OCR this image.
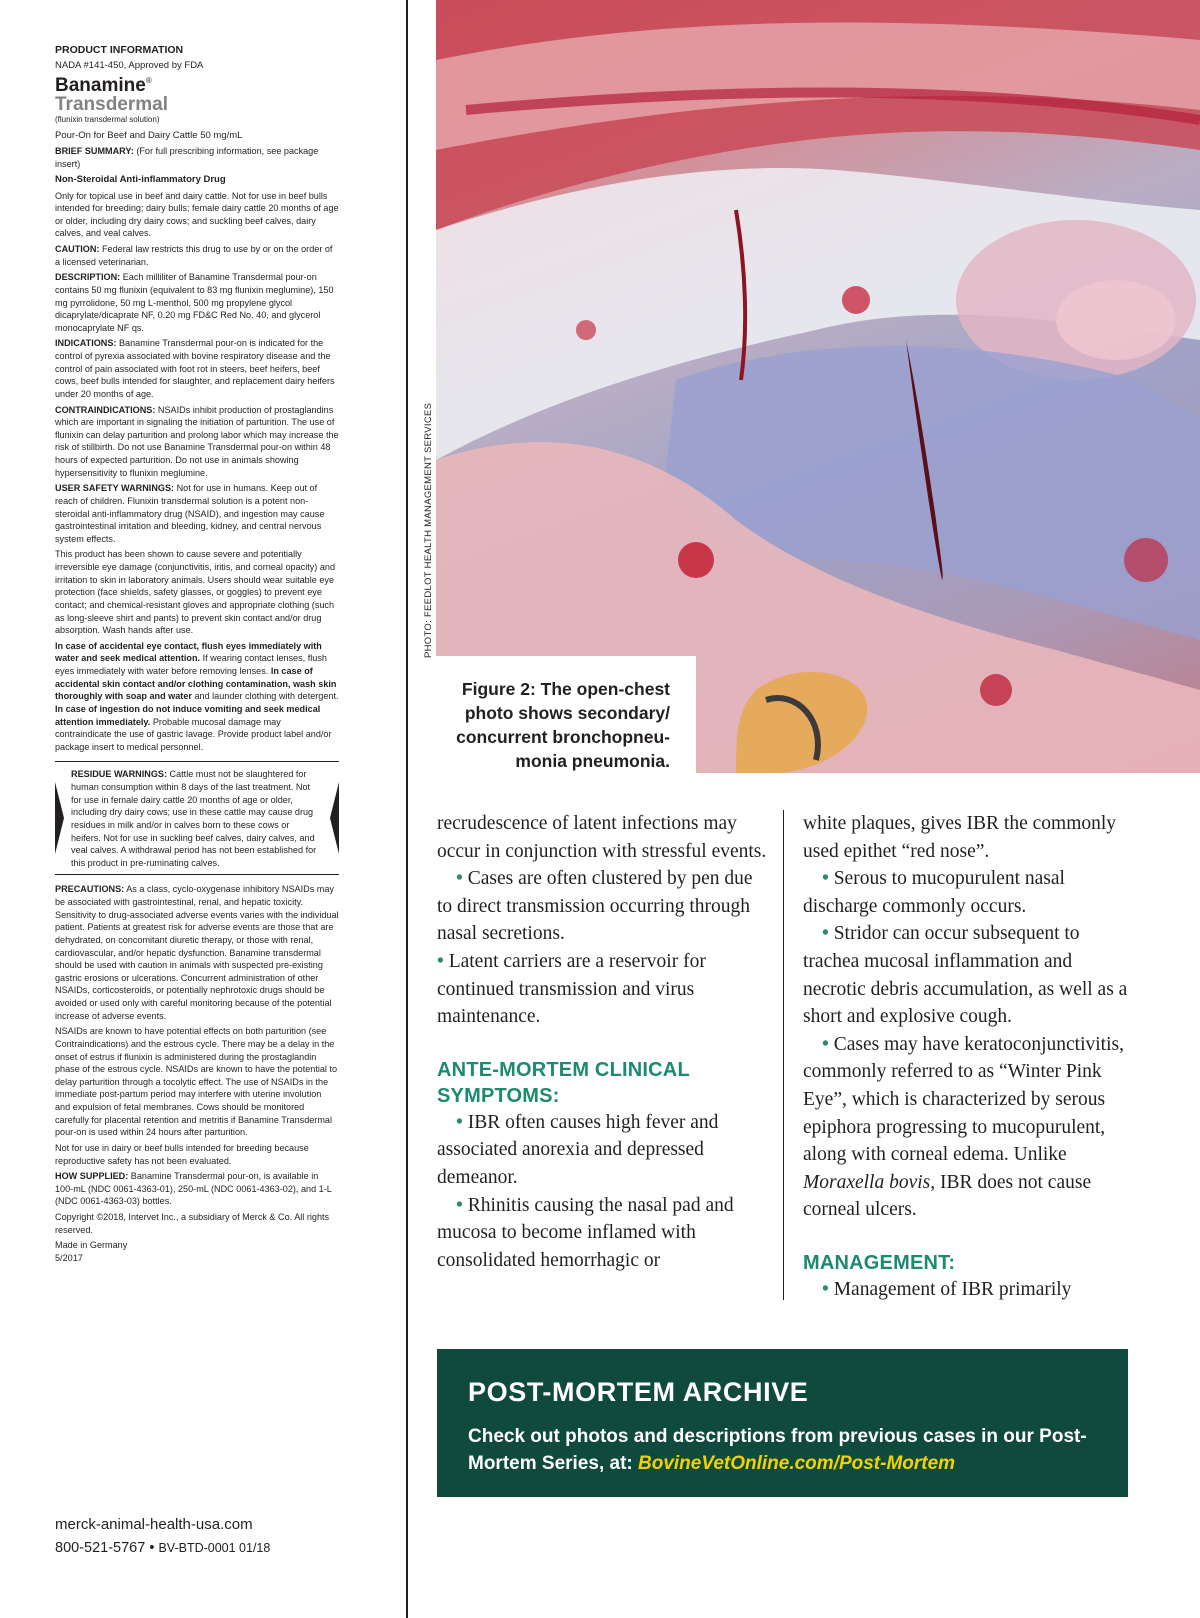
PRODUCT INFORMATION

NADA #141-450, Approved by FDA

Banamine®
Transdermal

(flunixin transdermal solution)

Pour-On for Beef and Dairy Cattle 50 mg/mL

BRIEF SUMMARY: (For full prescribing information, see package insert)

Non-Steroidal Anti-inflammatory Drug

Only for topical use in beef and dairy cattle. Not for use in beef bulls intended for breeding; dairy bulls; female dairy cattle 20 months of age or older, including dry dairy cows; and suckling beef calves, dairy calves, and veal calves.

CAUTION: Federal law restricts this drug to use by or on the order of a licensed veterinarian.

DESCRIPTION: Each milliliter of Banamine Transdermal pour-on contains 50 mg flunixin (equivalent to 83 mg flunixin meglumine), 150 mg pyrrolidone, 50 mg L-menthol, 500 mg propylene glycol dicaprylate/dicaprate NF, 0.20 mg FD&C Red No. 40, and glycerol monocaprylate NF qs.

INDICATIONS: Banamine Transdermal pour-on is indicated for the control of pyrexia associated with bovine respiratory disease and the control of pain associated with foot rot in steers, beef heifers, beef cows, beef bulls intended for slaughter, and replacement dairy heifers under 20 months of age.

CONTRAINDICATIONS: NSAIDs inhibit production of prostaglandins which are important in signaling the initiation of parturition. The use of flunixin can delay parturition and prolong labor which may increase the risk of stillbirth. Do not use Banamine Transdermal pour-on within 48 hours of expected parturition. Do not use in animals showing hypersensitivity to flunixin meglumine.

USER SAFETY WARNINGS: Not for use in humans. Keep out of reach of children. Flunixin transdermal solution is a potent non-steroidal anti-inflammatory drug (NSAID), and ingestion may cause gastrointestinal irritation and bleeding, kidney, and central nervous system effects.

This product has been shown to cause severe and potentially irreversible eye damage (conjunctivitis, iritis, and corneal opacity) and irritation to skin in laboratory animals. Users should wear suitable eye protection (face shields, safety glasses, or goggles) to prevent eye contact; and chemical-resistant gloves and appropriate clothing (such as long-sleeve shirt and pants) to prevent skin contact and/or drug absorption. Wash hands after use.

In case of accidental eye contact, flush eyes immediately with water and seek medical attention. If wearing contact lenses, flush eyes immediately with water before removing lenses. In case of accidental skin contact and/or clothing contamination, wash skin thoroughly with soap and water and launder clothing with detergent. In case of ingestion do not induce vomiting and seek medical attention immediately. Probable mucosal damage may contraindicate the use of gastric lavage. Provide product label and/or package insert to medical personnel.

RESIDUE WARNINGS: Cattle must not be slaughtered for human consumption within 8 days of the last treatment. Not for use in female dairy cattle 20 months of age or older, including dry dairy cows; use in these cattle may cause drug residues in milk and/or in calves born to these cows or heifers. Not for use in suckling beef calves, dairy calves, and veal calves. A withdrawal period has not been established for this product in pre-ruminating calves.

PRECAUTIONS: As a class, cyclo-oxygenase inhibitory NSAIDs may be associated with gastrointestinal, renal, and hepatic toxicity. Sensitivity to drug-associated adverse events varies with the individual patient. Patients at greatest risk for adverse events are those that are dehydrated, on concomitant diuretic therapy, or those with renal, cardiovascular, and/or hepatic dysfunction. Banamine transdermal should be used with caution in animals with suspected pre-existing gastric erosions or ulcerations. Concurrent administration of other NSAIDs, corticosteroids, or potentially nephrotoxic drugs should be avoided or used only with careful monitoring because of the potential increase of adverse events.

NSAIDs are known to have potential effects on both parturition (see Contraindications) and the estrous cycle. There may be a delay in the onset of estrus if flunixin is administered during the prostaglandin phase of the estrous cycle. NSAIDs are known to have the potential to delay parturition through a tocolytic effect. The use of NSAIDs in the immediate post-partum period may interfere with uterine involution and expulsion of fetal membranes. Cows should be monitored carefully for placental retention and metritis if Banamine Transdermal pour-on is used within 24 hours after parturition.

Not for use in dairy or beef bulls intended for breeding because reproductive safety has not been evaluated.

HOW SUPPLIED: Banamine Transdermal pour-on, is available in 100-mL (NDC 0061-4363-01), 250-mL (NDC 0061-4363-02), and 1-L (NDC 0061-4363-03) bottles.

Copyright ©2018, Intervet Inc., a subsidiary of Merck & Co. All rights reserved.

Made in Germany

5/2017

merck-animal-health-usa.com
800-521-5767 • BV-BTD-0001 01/18
PHOTO: FEEDLOT HEALTH MANAGEMENT SERVICES
Figure 2: The open-chest photo shows secondary/ concurrent bronchopneumonia pneumonia.

recrudescence of latent infections may occur in conjunction with stressful events.

• Cases are often clustered by pen due to direct transmission occurring through nasal secretions.

• Latent carriers are a reservoir for continued transmission and virus maintenance.

ANTE-MORTEM CLINICAL SYMPTOMS:

• IBR often causes high fever and associated anorexia and depressed demeanor.

• Rhinitis causing the nasal pad and mucosa to become inflamed with consolidated hemorrhagic or

white plaques, gives IBR the commonly used epithet “red nose”.

• Serous to mucopurulent nasal discharge commonly occurs.

• Stridor can occur subsequent to trachea mucosal inflammation and necrotic debris accumulation, as well as a short and explosive cough.

• Cases may have keratoconjunctivitis, commonly referred to as “Winter Pink Eye”, which is characterized by serous epiphora progressing to mucopurulent, along with corneal edema. Unlike Moraxella bovis, IBR does not cause corneal ulcers.

MANAGEMENT:

• Management of IBR primarily

POST-MORTEM ARCHIVE
Check out photos and descriptions from previous cases in our Post-Mortem Series, at: BovineVetOnline.com/Post-Mortem
